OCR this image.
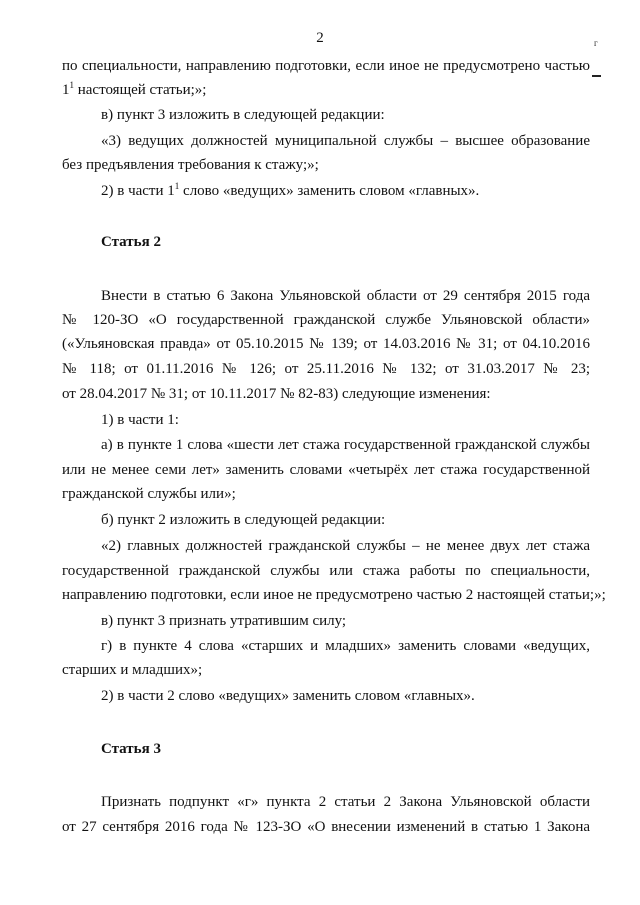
2	г
по специальности, направлению подготовки, если иное не предусмотрено частью
$1^1$ настоящей статьи;»;
в) пункт 3 изложить в следующей редакции:
«3) ведущих должностей муниципальной службы – высшее образование
без предъявления требования к стажу;»;
2) в части $1^1$ слово «ведущих» заменить словом «главных».
Статья 2
Внести в статью 6 Закона Ульяновской области от 29 сентября 2015 года
№ 120-ЗО «О государственной гражданской службе Ульяновской области»
(«Ульяновская правда» от 05.10.2015 № 139; от 14.03.2016 № 31; от 04.10.2016
№ 118; от 01.11.2016 № 126; от 25.11.2016 № 132; от 31.03.2017 № 23;
от 28.04.2017 № 31; от 10.11.2017 № 82-83) следующие изменения:
1) в части 1:
а) в пункте 1 слова «шести лет стажа государственной гражданской службы
или не менее семи лет» заменить словами «четырёх лет стажа государственной
гражданской службы или»;
б) пункт 2 изложить в следующей редакции:
«2) главных должностей гражданской службы – не менее двух лет стажа
государственной гражданской службы или стажа работы по специальности,
направлению подготовки, если иное не предусмотрено частью 2 настоящей статьи;»;
в) пункт 3 признать утратившим силу;
г) в пункте 4 слова «старших и младших» заменить словами «ведущих,
старших и младших»;
2) в части 2 слово «ведущих» заменить словом «главных».
Статья 3
Признать подпункт «г» пункта 2 статьи 2 Закона Ульяновской области
от 27 сентября 2016 года № 123-ЗО «О внесении изменений в статью 1 Закона
